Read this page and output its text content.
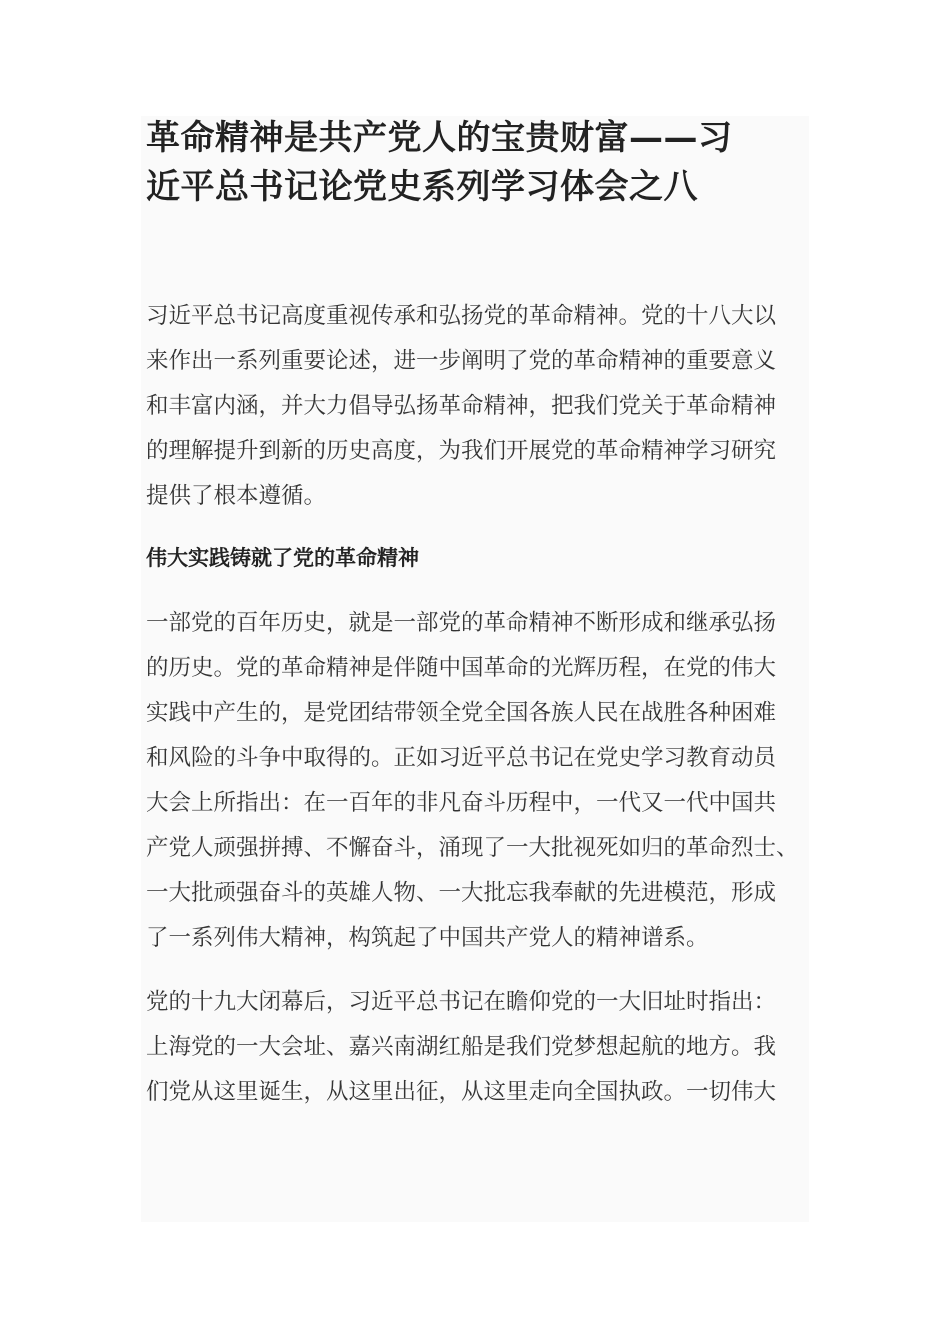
革命精神是共产党人的宝贵财富——习
近平总书记论党史系列学习体会之八

习近平总书记高度重视传承和弘扬党的革命精神。党的十八大以
来作出一系列重要论述，进一步阐明了党的革命精神的重要意义
和丰富内涵，并大力倡导弘扬革命精神，把我们党关于革命精神
的理解提升到新的历史高度，为我们开展党的革命精神学习研究
提供了根本遵循。

伟大实践铸就了党的革命精神

一部党的百年历史，就是一部党的革命精神不断形成和继承弘扬
的历史。党的革命精神是伴随中国革命的光辉历程，在党的伟大
实践中产生的，是党团结带领全党全国各族人民在战胜各种困难
和风险的斗争中取得的。正如习近平总书记在党史学习教育动员
大会上所指出：在一百年的非凡奋斗历程中，一代又一代中国共
产党人顽强拼搏、不懈奋斗，涌现了一大批视死如归的革命烈士、
一大批顽强奋斗的英雄人物、一大批忘我奉献的先进模范，形成
了一系列伟大精神，构筑起了中国共产党人的精神谱系。

党的十九大闭幕后，习近平总书记在瞻仰党的一大旧址时指出：
上海党的一大会址、嘉兴南湖红船是我们党梦想起航的地方。我
们党从这里诞生，从这里出征，从这里走向全国执政。一切伟大
